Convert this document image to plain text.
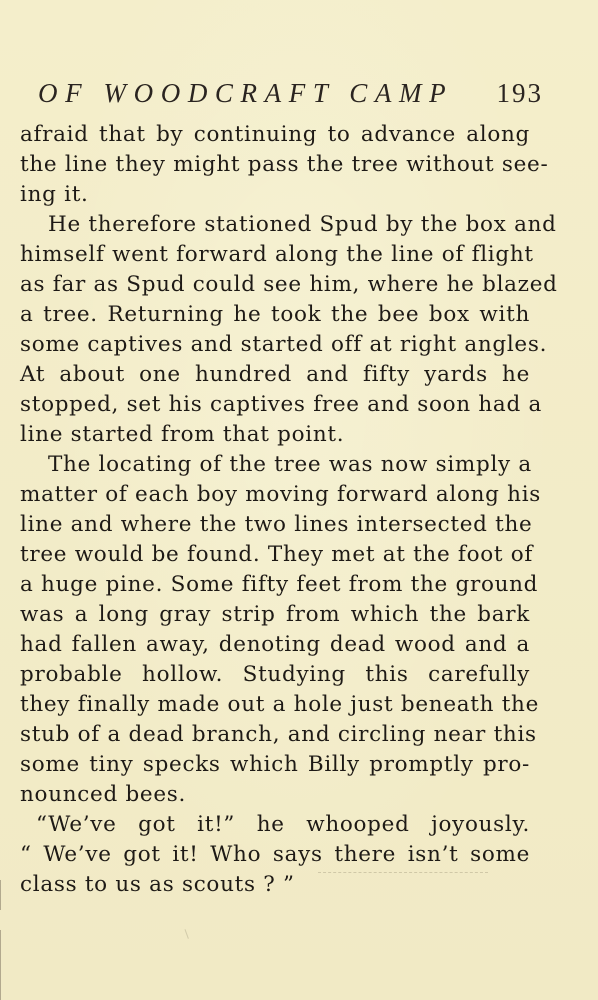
OF WOODCRAFT CAMP 193
afraid that by continuing to advance along
the line they might pass the tree without see-
ing it.
He therefore stationed Spud by the box and
himself went forward along the line of flight
as far as Spud could see him, where he blazed
a tree. Returning he took the bee box with
some captives and started off at right angles.
At about one hundred and fifty yards he
stopped, set his captives free and soon had a
line started from that point.
The locating of the tree was now simply a
matter of each boy moving forward along his
line and where the two lines intersected the
tree would be found. They met at the foot of
a huge pine. Some fifty feet from the ground
was a long gray strip from which the bark
had fallen away, denoting dead wood and a
probable hollow. Studying this carefully
they finally made out a hole just beneath the
stub of a dead branch, and circling near this
some tiny specks which Billy promptly pro-
nounced bees.
“We’ve got it!” he whooped joyously.
“ We’ve got it! Who says there isn’t some
class to us as scouts ? ”
